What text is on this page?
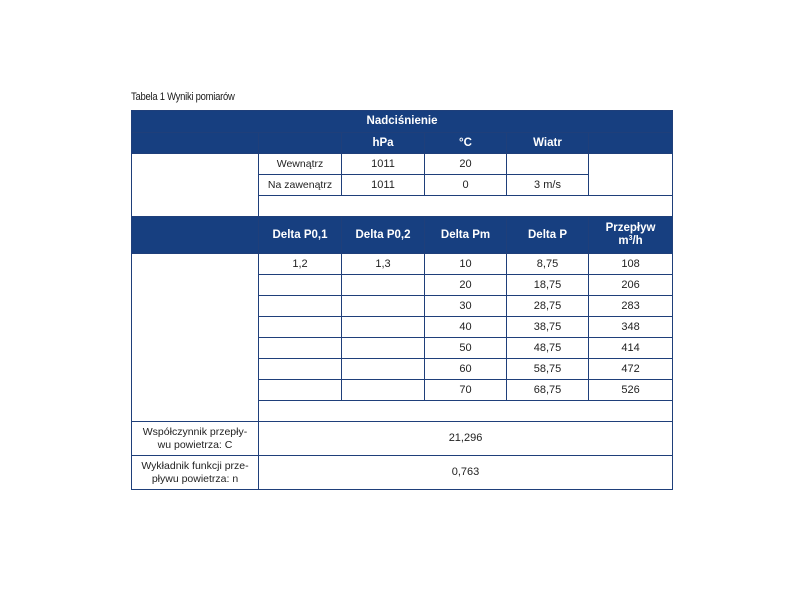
Tabela 1 Wyniki pomiarów
Nadciśnienie					
		hPa	°C	Wiatr	
	Wewnątrz	1011	20		
	Na zawenątrz	1011	0	3 m/s	

	Delta P0,1	Delta P0,2	Delta Pm	Delta P	Przepływ
$m^3/h$
	1,2	1,3	10	8,75	108
			20	18,75	206
			30	28,75	283
			40	38,75	348
			50	48,75	414
			60	58,75	472
			70	68,75	526

Współczynnik przepły-
wu powietrza: C	21,296				
Wykładnik funkcji prze-
pływu powietrza: n	0,763				
